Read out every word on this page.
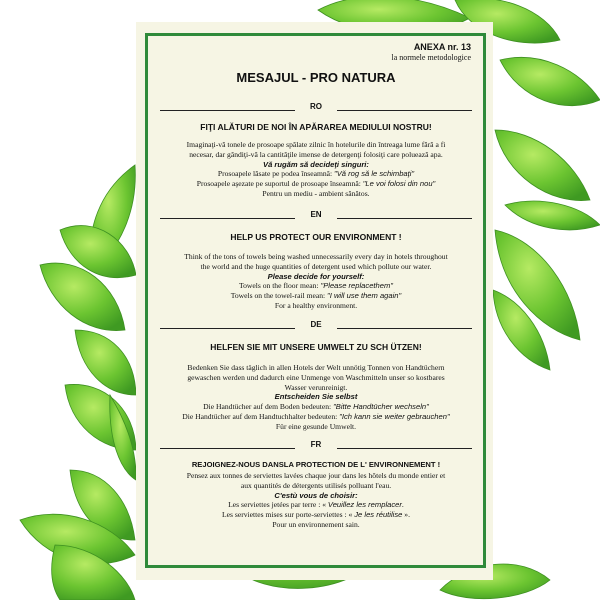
ANEXA nr. 13
la normele metodologice
MESAJUL - PRO NATURA
RO
FIŢI ALĂTURI DE NOI ÎN APĂRAREA MEDIULUI NOSTRU!
Imaginaţi-vă tonele de prosoape spălate zilnic în hotelurile din întreaga lume fără a fi
necesar, dar gândiţi-vă la cantităţile imense de detergenţi folosiţi care poluează apa.
Vă rugăm să decideţi singuri:
Prosoapele lăsate pe podea înseamnă: "Vă rog să le schimbaţi"
Prosoapele aşezate pe suportul de prosoape înseamnă: "Le voi folosi din nou"
Pentru un mediu - ambient sănătos.
EN
HELP US PROTECT OUR ENVIRONMENT !
Think of the tons of towels being washed unnecessarily every day in hotels throughout
the world and the huge quantities of detergent used which pollute our water.
Please decide for yourself:
Towels on the floor mean: "Please replacethem"
Towels on the towel-rail mean: "I will use them again"
For a healthy environment.
DE
HELFEN SIE MIT UNSERE UMWELT ZU SCH ÜTZEN!
Bedenken Sie dass täglich in allen Hotels der Welt unnötig Tonnen von Handtüchern
gewaschen werden und dadurch eine Unmenge von Waschmitteln unser so kostbares
Wasser verunreinigt.
Entscheiden Sie selbst
Die Handtücher auf dem Boden bedeuten: "Bitte Handtücher wechseln"
Die Handtücher auf dem Handtuchhalter bedeuten: "Ich kann sie weiter gebrauchen"
Für eine gesunde Umwelt.
FR
REJOIGNEZ-NOUS DANSLA PROTECTION DE L' ENVIRONNEMENT !
Pensez aux tonnes de serviettes lavées chaque jour dans les hôtels du monde entier et
aux quantités de détergents utilisés polluant l'eau.
C'estù vous de choisir:
Les serviettes jetées par terre : « Veuillez les remplacer.
Les serviettes mises sur porte-serviettes : « Je les réutilise ».
Pour un environnement sain.
